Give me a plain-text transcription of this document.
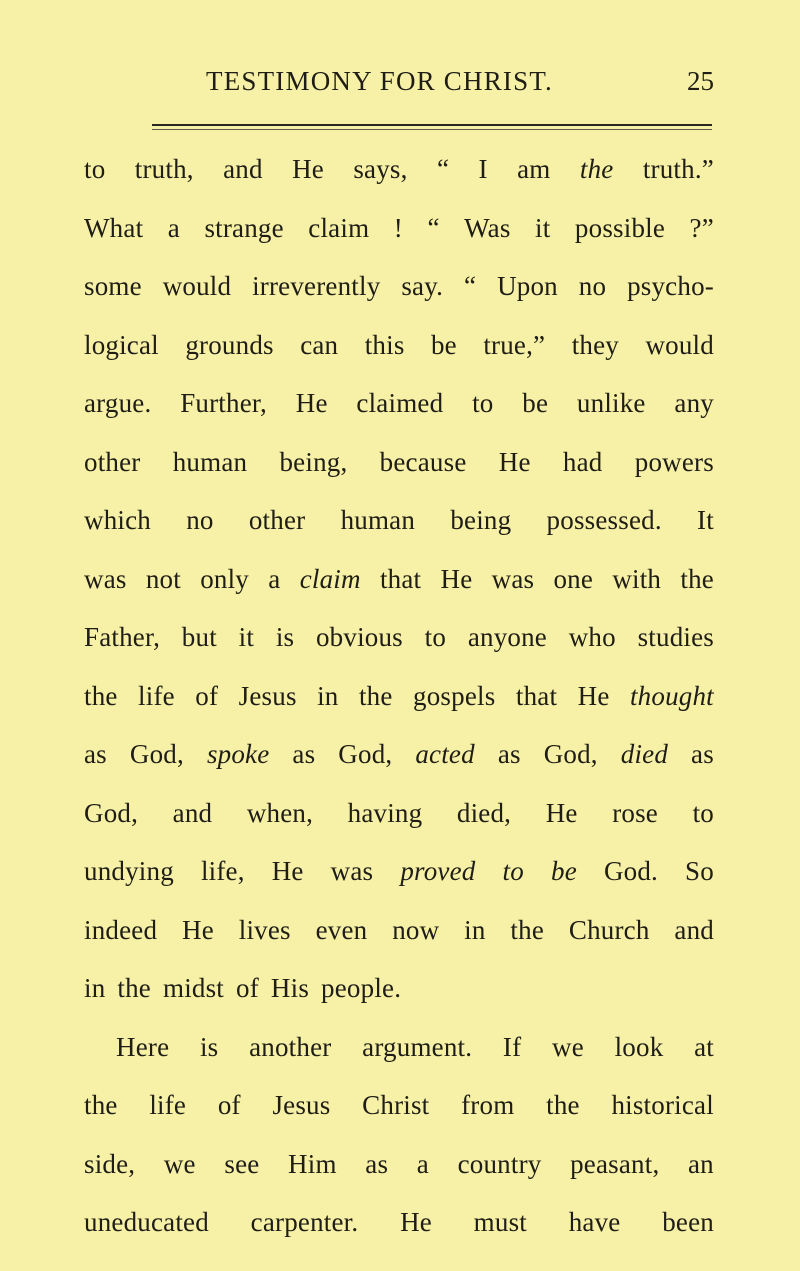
TESTIMONY FOR CHRIST.	25
to truth, and He says, “ I am the truth.”
What a strange claim ! “ Was it possible ?”
some would irreverently say. “ Upon no psycho-
logical grounds can this be true,” they would
argue. Further, He claimed to be unlike any
other human being, because He had powers
which no other human being possessed. It
was not only a claim that He was one with the
Father, but it is obvious to anyone who studies
the life of Jesus in the gospels that He thought
as God, spoke as God, acted as God, died as
God, and when, having died, He rose to
undying life, He was proved to be God. So
indeed He lives even now in the Church and
in the midst of His people.
Here is another argument. If we look at
the life of Jesus Christ from the historical
side, we see Him as a country peasant, an
uneducated carpenter. He must have been
